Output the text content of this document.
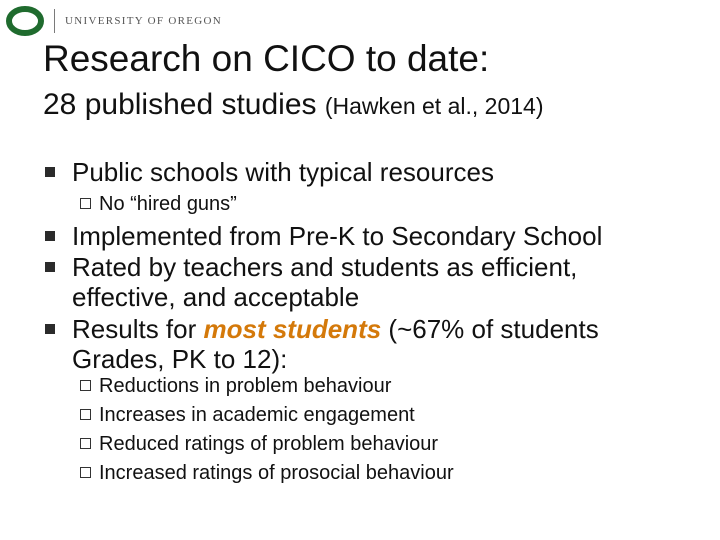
UNIVERSITY OF OREGON
Research on CICO to date:
28 published studies (Hawken et al., 2014)
Public schools with typical resources
No “hired guns”
Implemented from Pre-K to Secondary School
Rated by teachers and students as efficient,
effective, and acceptable
Results for most students (~67% of students
Grades, PK to 12):
Reductions in problem behaviour
Increases in academic engagement
Reduced ratings of problem behaviour
Increased ratings of prosocial behaviour
